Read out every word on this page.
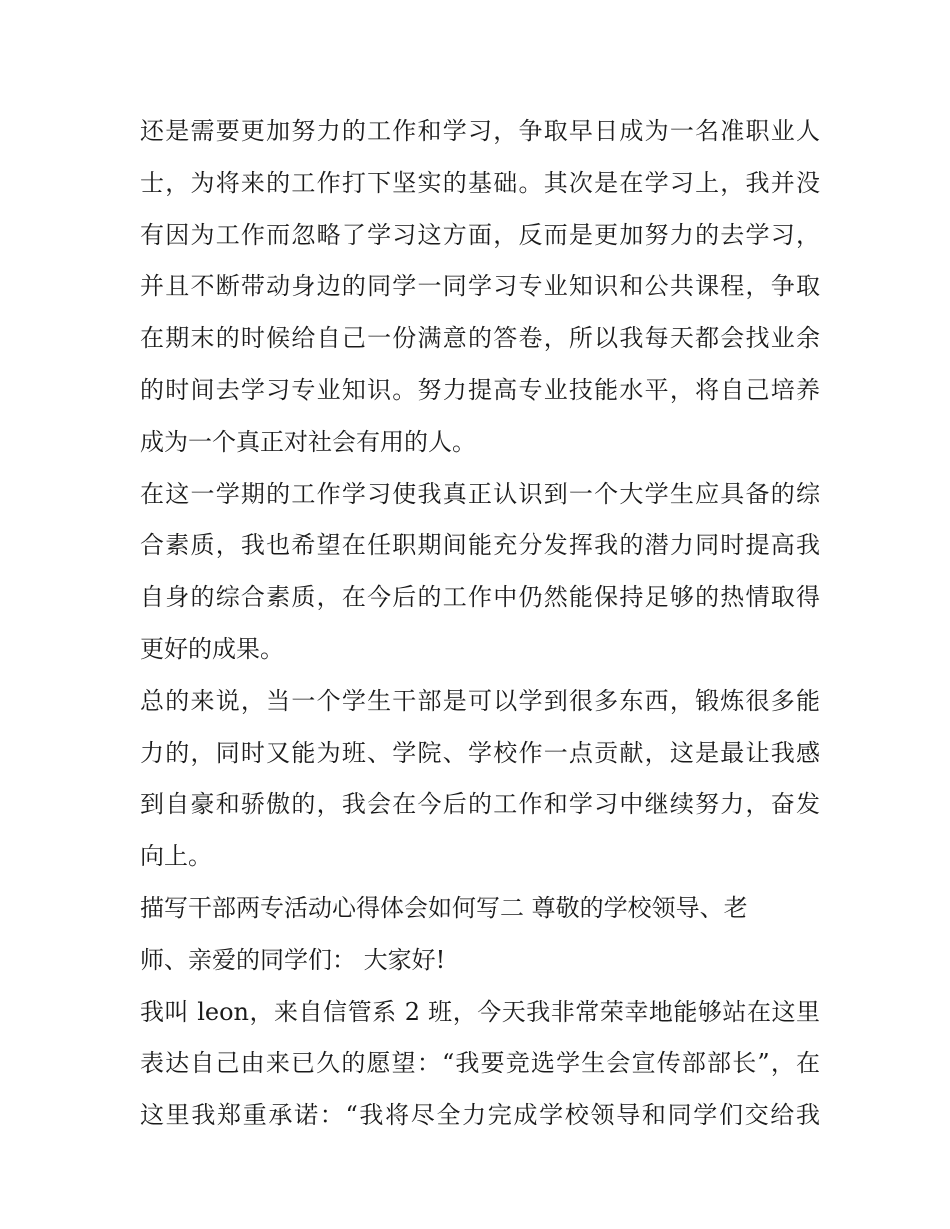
还是需要更加努力的工作和学习，争取早日成为一名准职业人
士，为将来的工作打下坚实的基础。其次是在学习上，我并没
有因为工作而忽略了学习这方面，反而是更加努力的去学习，
并且不断带动身边的同学一同学习专业知识和公共课程，争取
在期末的时候给自己一份满意的答卷，所以我每天都会找业余
的时间去学习专业知识。努力提高专业技能水平，将自己培养
成为一个真正对社会有用的人。
在这一学期的工作学习使我真正认识到一个大学生应具备的综
合素质，我也希望在任职期间能充分发挥我的潜力同时提高我
自身的综合素质，在今后的工作中仍然能保持足够的热情取得
更好的成果。
总的来说，当一个学生干部是可以学到很多东西，锻炼很多能
力的，同时又能为班、学院、学校作一点贡献，这是最让我感
到自豪和骄傲的，我会在今后的工作和学习中继续努力，奋发
向上。
描写干部两专活动心得体会如何写二 尊敬的学校领导、老
师、亲爱的同学们： 大家好!
我叫 leon，来自信管系 2 班，今天我非常荣幸地能够站在这里
表达自己由来已久的愿望：“我要竞选学生会宣传部部长”，在
这里我郑重承诺：“我将尽全力完成学校领导和同学们交给我
